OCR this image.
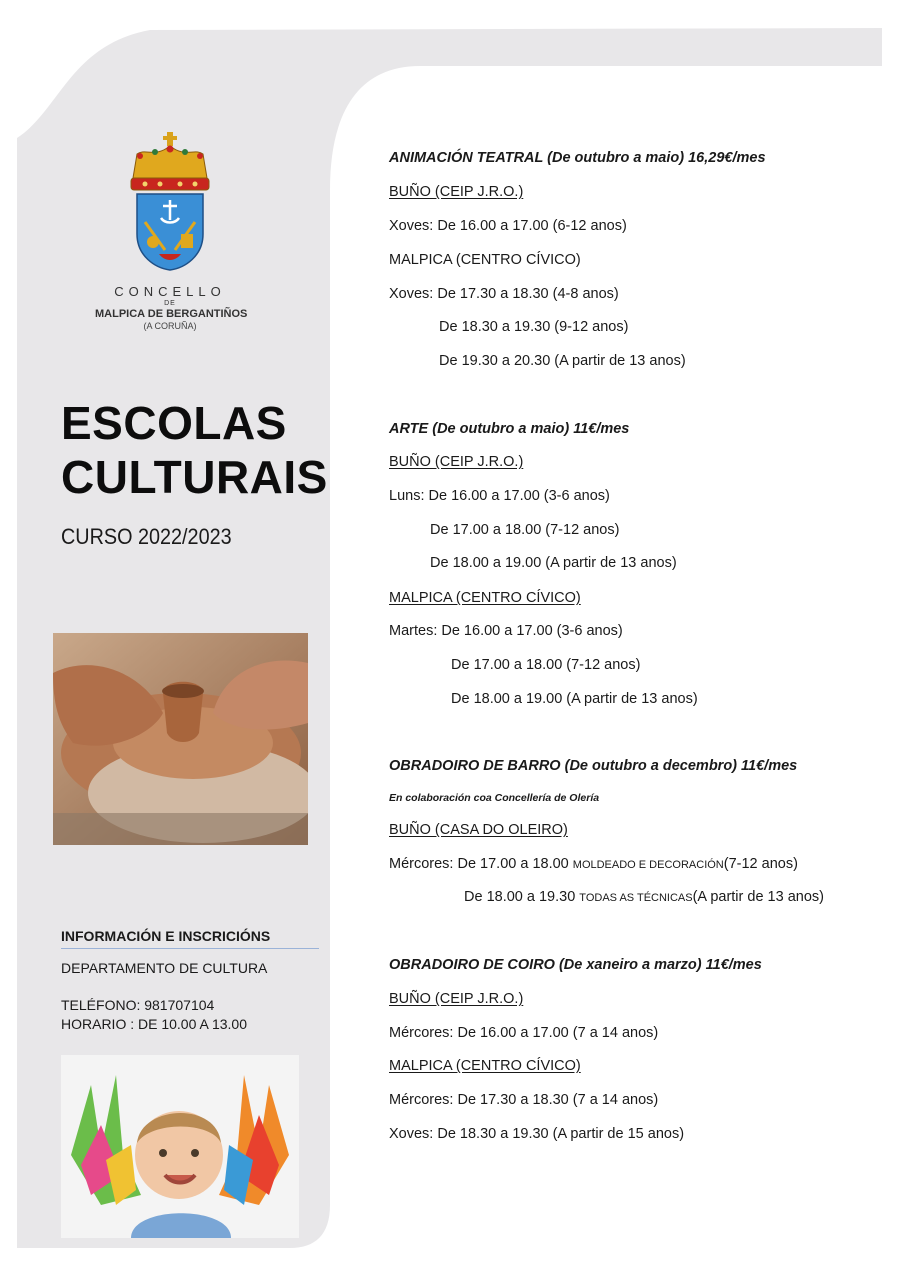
CONCELLO
DE
MALPICA DE BERGANTIÑOS
(A CORUÑA)
ESCOLAS
CULTURAIS
CURSO 2022/2023
INFORMACIÓN E INSCRICIÓNS
DEPARTAMENTO DE CULTURA
TELÉFONO: 981707104
HORARIO : DE 10.00 A 13.00
ANIMACIÓN TEATRAL (De outubro a maio) 16,29€/mes
BUÑO (CEIP J.R.O.)
Xoves: De 16.00 a 17.00 (6-12 anos)
MALPICA (CENTRO CÍVICO)
Xoves: De 17.30 a 18.30 (4-8 anos)
De 18.30 a 19.30 (9-12 anos)
De 19.30 a 20.30 (A partir de 13 anos)
ARTE (De outubro a maio) 11€/mes
BUÑO (CEIP J.R.O.)
Luns: De 16.00 a 17.00 (3-6 anos)
De 17.00 a 18.00 (7-12 anos)
De 18.00 a 19.00 (A partir de 13 anos)
MALPICA (CENTRO CÍVICO)
Martes: De 16.00 a 17.00 (3-6 anos)
De 17.00 a 18.00 (7-12 anos)
De 18.00 a 19.00 (A partir de 13 anos)
OBRADOIRO DE BARRO (De outubro a decembro) 11€/mes
En colaboración coa Concellería de Olería
BUÑO (CASA DO OLEIRO)
Mércores: De 17.00 a 18.00 MOLDEADO E DECORACIÓN(7-12 anos)
De 18.00 a 19.30 TODAS AS TÉCNICAS(A partir de 13 anos)
OBRADOIRO DE COIRO (De xaneiro a marzo) 11€/mes
BUÑO (CEIP J.R.O.)
Mércores: De 16.00 a 17.00 (7 a 14 anos)
MALPICA (CENTRO CÍVICO)
Mércores: De 17.30 a 18.30 (7 a 14 anos)
Xoves: De 18.30 a 19.30 (A partir de 15 anos)
